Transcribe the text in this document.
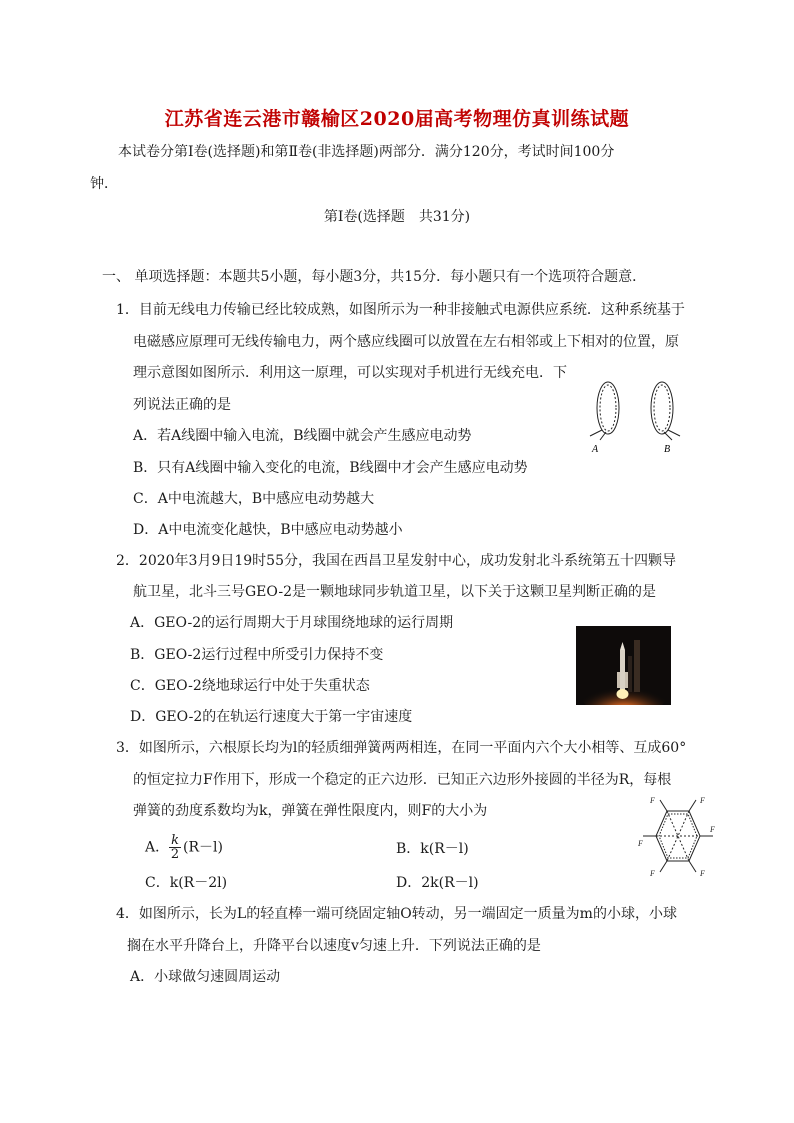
江苏省连云港市赣榆区2020届高考物理仿真训练试题
本试卷分第Ⅰ卷(选择题)和第Ⅱ卷(非选择题)两部分．满分120分，考试时间100分
钟．
第Ⅰ卷(选择题　共31分)
一、 单项选择题：本题共5小题，每小题3分，共15分．每小题只有一个选项符合题意．
1．目前无线电力传输已经比较成熟，如图所示为一种非接触式电源供应系统．这种系统基于
电磁感应原理可无线传输电力，两个感应线圈可以放置在左右相邻或上下相对的位置，原
理示意图如图所示．利用这一原理，可以实现对手机进行无线充电．下
列说法正确的是
A．若A线圈中输入电流，B线圈中就会产生感应电动势
B．只有A线圈中输入变化的电流，B线圈中才会产生感应电动势
C．A中电流越大，B中感应电动势越大
D．A中电流变化越快，B中感应电动势越小
A	B
2．2020年3月9日19时55分，我国在西昌卫星发射中心，成功发射北斗系统第五十四颗导
航卫星，北斗三号GEO-2是一颗地球同步轨道卫星，以下关于这颗卫星判断正确的是
A．GEO-2的运行周期大于月球围绕地球的运行周期
B．GEO-2运行过程中所受引力保持不变
C．GEO-2绕地球运行中处于失重状态
D．GEO-2的在轨运行速度大于第一宇宙速度
3．如图所示，六根原长均为l的轻质细弹簧两两相连，在同一平面内六个大小相等、互成60°
的恒定拉力F作用下，形成一个稳定的正六边形．已知正六边形外接圆的半径为R，每根
弹簧的劲度系数均为k，弹簧在弹性限度内，则F的大小为
A． $\frac{k}{2} (R-l)$	B．k(R－l)
C．k(R－2l)	D．2k(R－l)
F	F
F
F
F
F
4．如图所示，长为L的轻直棒一端可绕固定轴O转动，另一端固定一质量为m的小球，小球
搁在水平升降台上，升降平台以速度v匀速上升．下列说法正确的是
A．小球做匀速圆周运动
